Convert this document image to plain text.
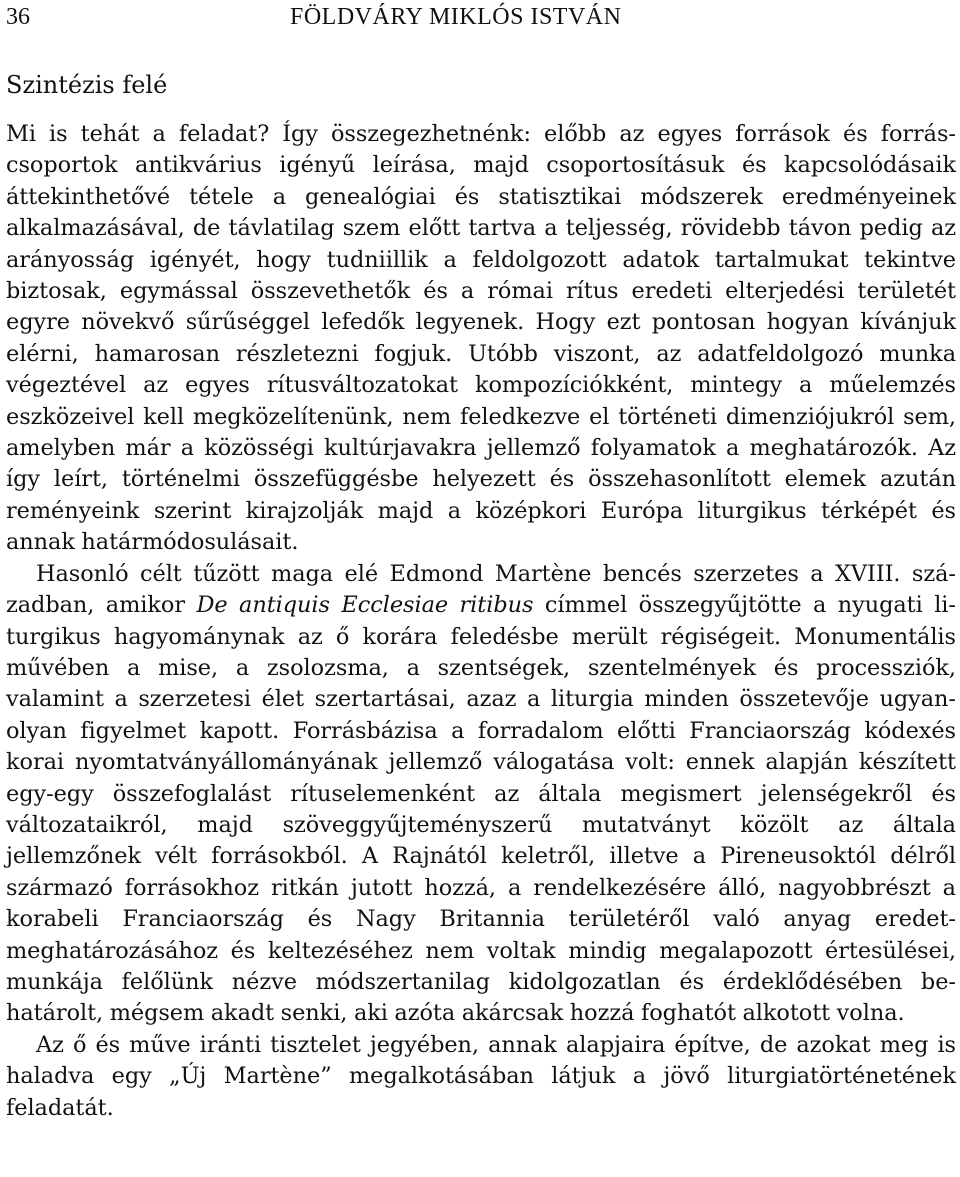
36	FÖLDVÁRY MIKLÓS ISTVÁN
Szintézis felé

Mi is tehát a feladat? Így összegezhetnénk: előbb az egyes források és forráscsoportok antikvárius igényű leírása, majd csoportosításuk és kapcsolódásaik áttekinthetővé tétele a genealógiai és statisztikai módszerek eredményeinek alkalmazásával, de távlatilag szem előtt tartva a teljesség, rövidebb távon pedig az arányosság igényét, hogy tudniillik a feldolgozott adatok tartalmukat tekintve biztosak, egymással összevethetők és a római rítus eredeti elterjedési területét egyre növekvő sűrűséggel lefedők legyenek. Hogy ezt pontosan hogyan kívánjuk elérni, hamarosan részletezni fogjuk. Utóbb viszont, az adatfeldolgozó munka végeztével az egyes rítusváltozatokat kompozíciókként, mintegy a műelemzés eszközeivel kell megközelítenünk, nem feledkezve el történeti dimenziójukról sem, amelyben már a közösségi kultúrjavakra jellemző folyamatok a meghatározók. Az így leírt, történelmi összefüggésbe helyezett és összehasonlított elemek azután reményeink szerint kirajzolják majd a középkori Európa liturgikus térképét és annak határmódosulásait.

Hasonló célt tűzött maga elé Edmond Martène bencés szerzetes a XVIII. században, amikor De antiquis Ecclesiae ritibus címmel összegyűjtötte a nyugati liturgikus hagyománynak az ő korára feledésbe merült régiségeit. Monumentális művében a mise, a zsolozsma, a szentségek, szentelmények és processziók, valamint a szerzetesi élet szertartásai, azaz a liturgia minden összetevője ugyanolyan figyelmet kapott. Forrásbázisa a forradalom előtti Franciaország kódexés korai nyomtatványállományának jellemző válogatása volt: ennek alapján készített egy-egy összefoglalást rítuselemenként az általa megismert jelenségekről és változataikról, majd szöveggyűjteményszerű mutatványt közölt az általa jellemzőnek vélt forrásokból. A Rajnától keletről, illetve a Pireneusoktól délről származó forrásokhoz ritkán jutott hozzá, a rendelkezésére álló, nagyobbrészt a korabeli Franciaország és Nagy Britannia területéről való anyag eredetmeghatározásához és keltezéséhez nem voltak mindig megalapozott értesülései, munkája felőlünk nézve módszertanilag kidolgozatlan és érdeklődésében behatárolt, mégsem akadt senki, aki azóta akárcsak hozzá foghatót alkotott volna.

Az ő és műve iránti tisztelet jegyében, annak alapjaira építve, de azokat meg is haladva egy „Új Martène” megalkotásában látjuk a jövő liturgiatörténetének feladatát.
